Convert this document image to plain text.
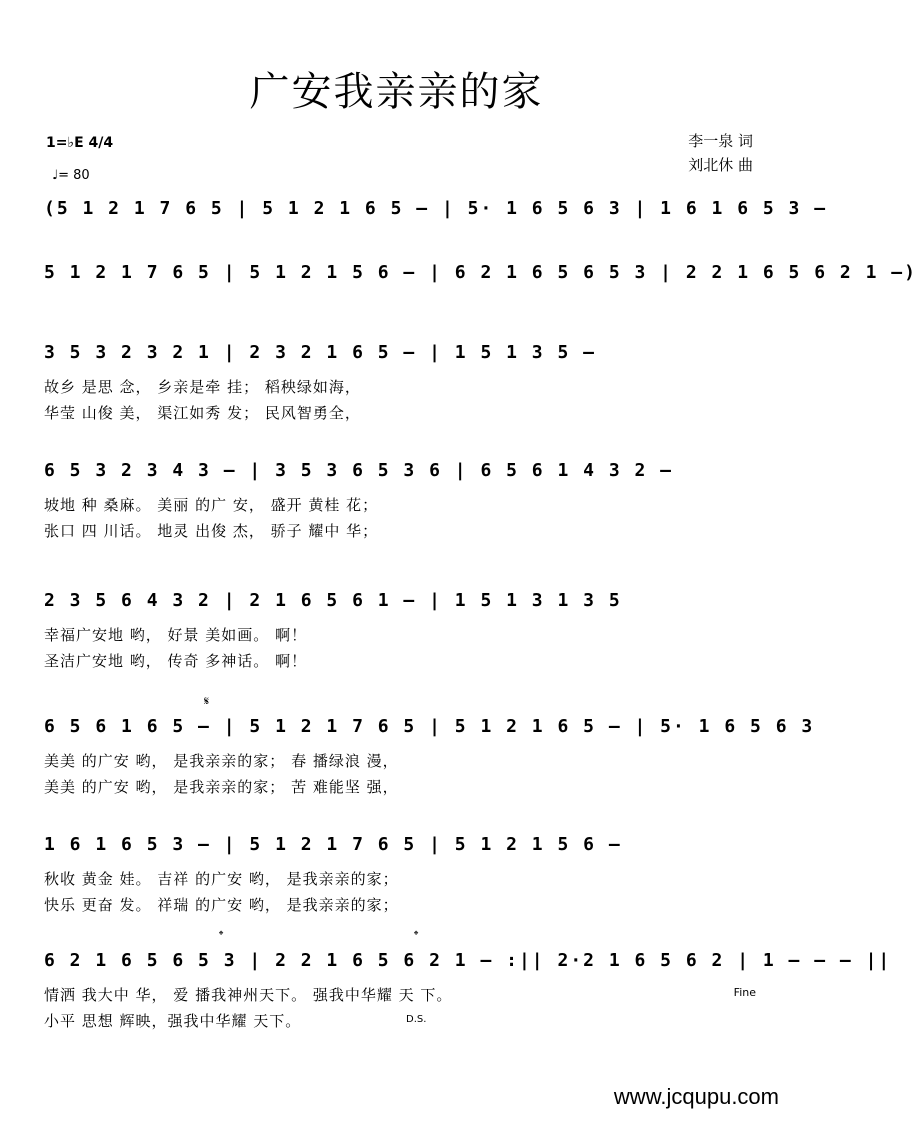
广安我亲亲的家
1=♭E 4/4
♩= 80
李一泉 词
刘北休 曲
(5 1 2 1 7 6 5 | 5 1 2 1 6 5 – | 5· 1 6 5 6 3 | 1 6 1 6 5 3 –
5 1 2 1 7 6 5 | 5 1 2 1 5 6 – | 6 2 1 6 5 6 5 3 | 2 2 1 6 5 6 2 1 –)
3 5 3 2 3 2 1 | 2 3 2 1 6 5 – | 1 5 1 3 5 –
故乡 是思 念， 乡亲是牵 挂； 稻秧绿如海，
华莹 山俊 美， 渠江如秀 发； 民风智勇全，
6 5 3 2 3 4 3 – | 3 5 3 6 5 3 6 | 6 5 6 1 4 3 2 –
坡地 种 桑麻。 美丽 的广 安， 盛开 黄桂 花；
张口 四 川话。 地灵 出俊 杰， 骄子 耀中 华；
2 3 5 6 4 3 2 | 2 1 6 5 6 1 – | 1 5 1 3 1 3 5
幸福广安地 哟， 好景 美如画。 啊！
圣洁广安地 哟， 传奇 多神话。 啊！
𝄋
6 5 6 1 6 5 – | 5 1 2 1 7 6 5 | 5 1 2 1 6 5 – | 5· 1 6 5 6 3
美美 的广安 哟， 是我亲亲的家； 春 播绿浪 漫，
美美 的广安 哟， 是我亲亲的家； 苦 难能坚 强，
1 6 1 6 5 3 – | 5 1 2 1 7 6 5 | 5 1 2 1 5 6 –
秋收 黄金 娃。 吉祥 的广安 哟， 是我亲亲的家；
快乐 更奋 发。 祥瑞 的广安 哟， 是我亲亲的家；
𝄌	𝄌
6 2 1 6 5 6 5 3 | 2 2 1 6 5 6 2 1 – :|| 2·2 1 6 5 6 2 | 1 – – – ||
情洒 我大中 华， 爱 播我神州天下。 强我中华耀 天 下。
小平 思想 辉映，强我中华耀 天下。
Fine
D.S.
www.jcqupu.com
